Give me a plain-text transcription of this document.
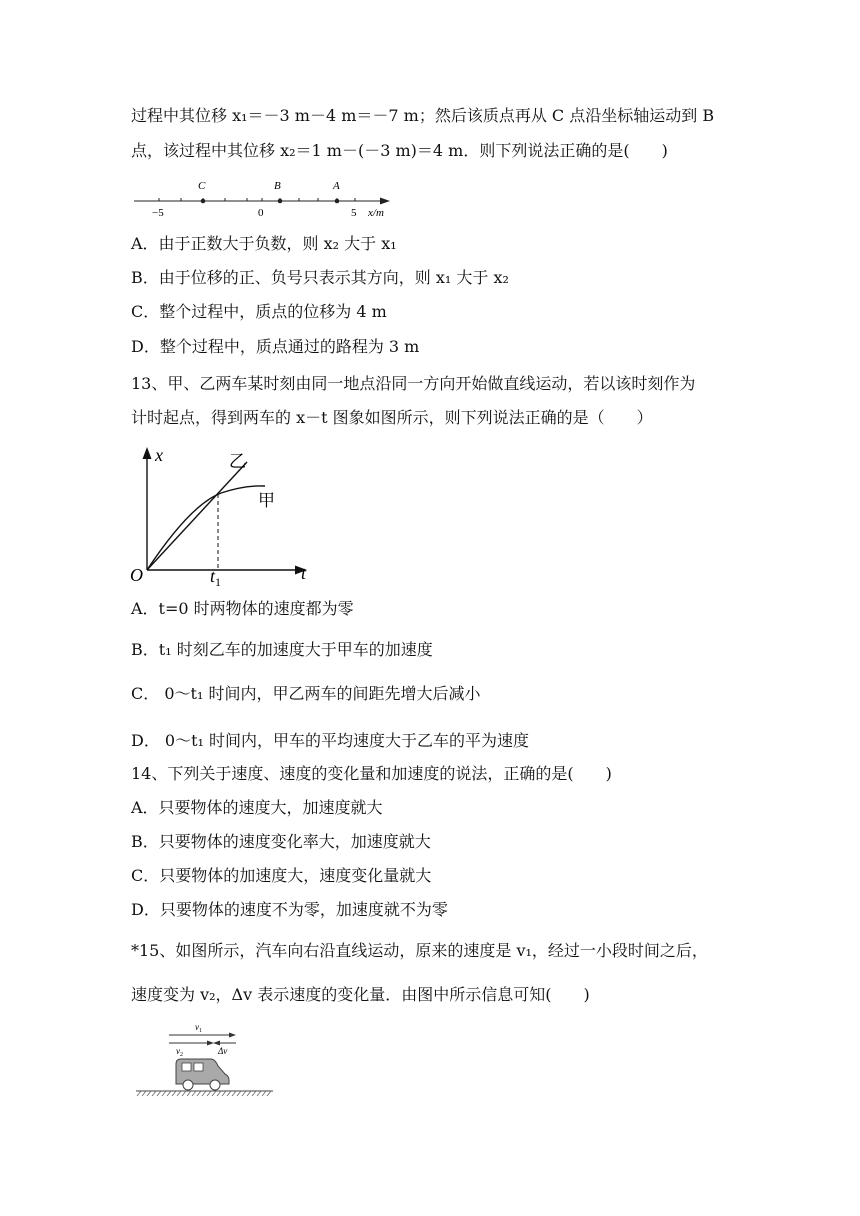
过程中其位移 x₁＝－3 m－4 m＝－7 m；然后该质点再从 C 点沿坐标轴运动到 B
点，该过程中其位移 x₂＝1 m－(－3 m)＝4 m．则下列说法正确的是(　　)
C	B	A
−5	0	5 x/m
A．由于正数大于负数，则 x₂ 大于 x₁
B．由于位移的正、负号只表示其方向，则 x₁ 大于 x₂
C．整个过程中，质点的位移为 4 m
D．整个过程中，质点通过的路程为 3 m
13、甲、乙两车某时刻由同一地点沿同一方向开始做直线运动，若以该时刻作为
计时起点，得到两车的 x－t 图象如图所示，则下列说法正确的是（　　）
x
t
O	$t_1$
乙
甲
A．t=0 时两物体的速度都为零
B．t₁ 时刻乙车的加速度大于甲车的加速度
C． 0～t₁ 时间内，甲乙两车的间距先增大后减小
D． 0～t₁ 时间内，甲车的平均速度大于乙车的平为速度
14、下列关于速度、速度的变化量和加速度的说法，正确的是(　　)
A．只要物体的速度大，加速度就大
B．只要物体的速度变化率大，加速度就大
C．只要物体的加速度大，速度变化量就大
D．只要物体的速度不为零，加速度就不为零
*15、如图所示，汽车向右沿直线运动，原来的速度是 v₁，经过一小段时间之后，
速度变为 v₂，Δv 表示速度的变化量．由图中所示信息可知(　　)
$v_1$
$v_2$	Δv
